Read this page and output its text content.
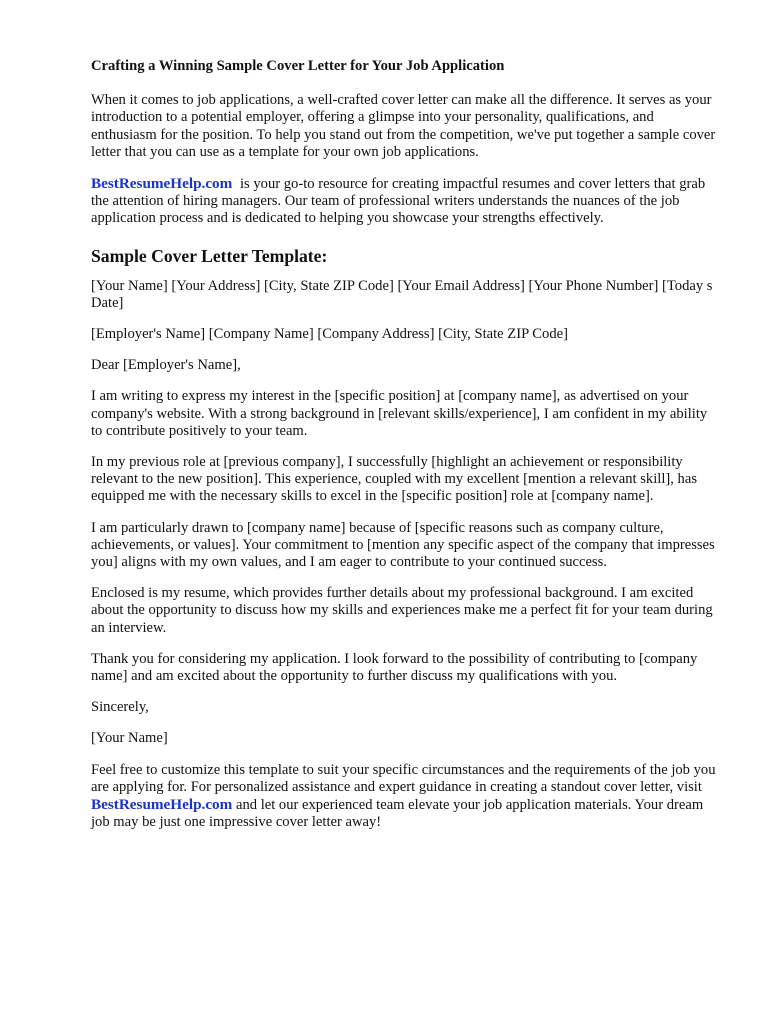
Crafting a Winning Sample Cover Letter for Your Job Application

When it comes to job applications, a well-crafted cover letter can make all the difference. It serves as your introduction to a potential employer, offering a glimpse into your personality, qualifications, and enthusiasm for the position. To help you stand out from the competition, we've put together a sample cover letter that you can use as a template for your own job applications.

BestResumeHelp.com is your go-to resource for creating impactful resumes and cover letters that grab the attention of hiring managers. Our team of professional writers understands the nuances of the job application process and is dedicated to helping you showcase your strengths effectively.

Sample Cover Letter Template:

[Your Name] [Your Address] [City, State ZIP Code] [Your Email Address] [Your Phone Number] [Today s Date]

[Employer's Name] [Company Name] [Company Address] [City, State ZIP Code]

Dear [Employer's Name],

I am writing to express my interest in the [specific position] at [company name], as advertised on your company's website. With a strong background in [relevant skills/experience], I am confident in my ability to contribute positively to your team.

In my previous role at [previous company], I successfully [highlight an achievement or responsibility relevant to the new position]. This experience, coupled with my excellent [mention a relevant skill], has equipped me with the necessary skills to excel in the [specific position] role at [company name].

I am particularly drawn to [company name] because of [specific reasons such as company culture, achievements, or values]. Your commitment to [mention any specific aspect of the company that impresses you] aligns with my own values, and I am eager to contribute to your continued success.

Enclosed is my resume, which provides further details about my professional background. I am excited about the opportunity to discuss how my skills and experiences make me a perfect fit for your team during an interview.

Thank you for considering my application. I look forward to the possibility of contributing to [company name] and am excited about the opportunity to further discuss my qualifications with you.

Sincerely,

[Your Name]

Feel free to customize this template to suit your specific circumstances and the requirements of the job you are applying for. For personalized assistance and expert guidance in creating a standout cover letter, visit BestResumeHelp.com and let our experienced team elevate your job application materials. Your dream job may be just one impressive cover letter away!
